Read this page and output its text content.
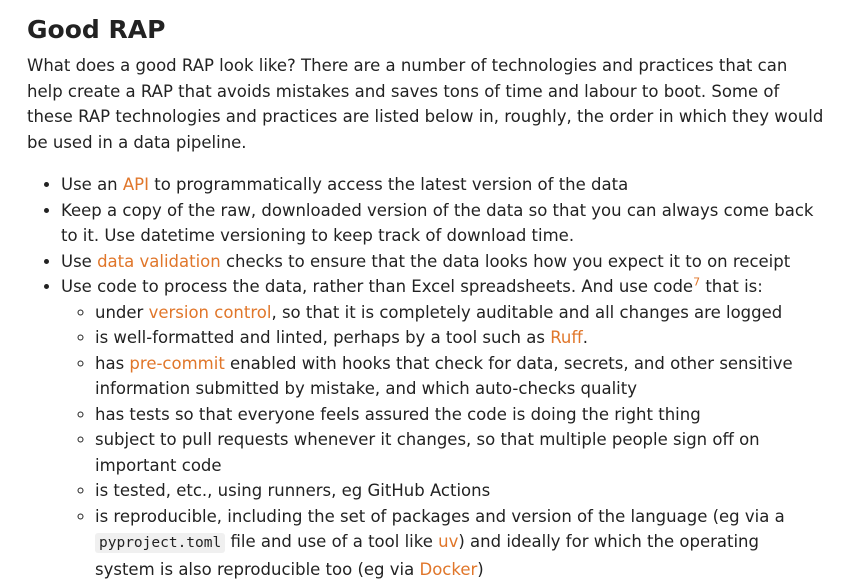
Good RAP

What does a good RAP look like? There are a number of technologies and practices that can help create a RAP that avoids mistakes and saves tons of time and labour to boot. Some of these RAP technologies and practices are listed below in, roughly, the order in which they would be used in a data pipeline.

• Use an API to programmatically access the latest version of the data
• Keep a copy of the raw, downloaded version of the data so that you can always come back to it. Use datetime versioning to keep track of download time.
• Use data validation checks to ensure that the data looks how you expect it to on receipt
• Use code to process the data, rather than Excel spreadsheets. And use code$^7$ that is:
◦ under version control, so that it is completely auditable and all changes are logged
◦ is well-formatted and linted, perhaps by a tool such as Ruff.
◦ has pre-commit enabled with hooks that check for data, secrets, and other sensitive information submitted by mistake, and which auto-checks quality
◦ has tests so that everyone feels assured the code is doing the right thing
◦ subject to pull requests whenever it changes, so that multiple people sign off on important code
◦ is tested, etc., using runners, eg GitHub Actions
◦ is reproducible, including the set of packages and version of the language (eg via a pyproject.toml file and use of a tool like uv) and ideally for which the operating system is also reproducible too (eg via Docker)
